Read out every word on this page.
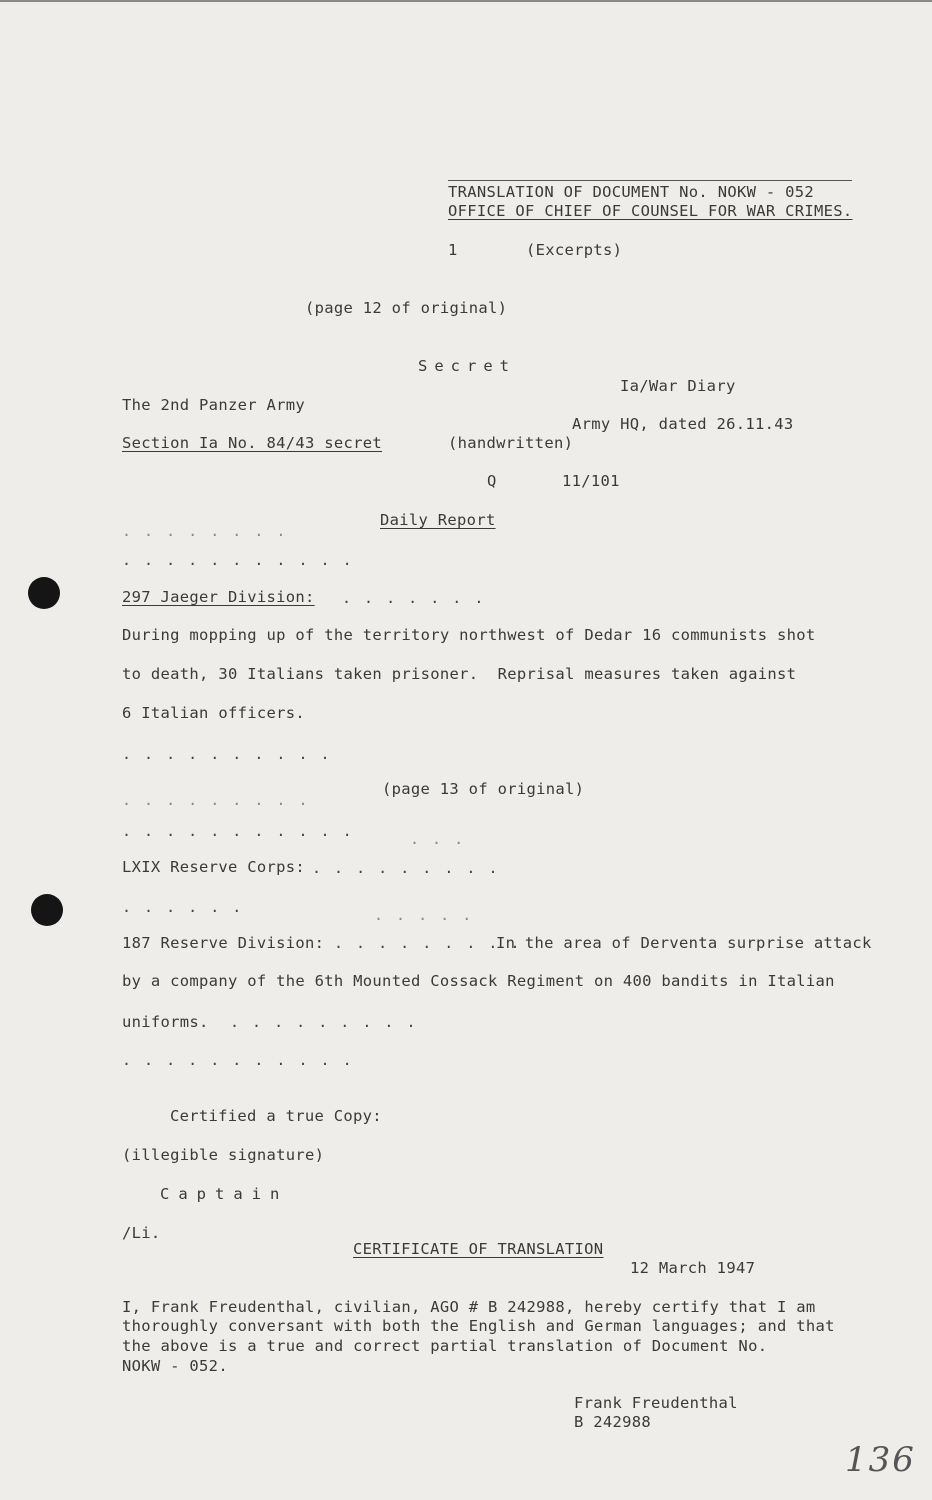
TRANSLATION OF DOCUMENT No. NOKW - 052
OFFICE OF CHIEF OF COUNSEL FOR WAR CRIMES.
1	(Excerpts)
(page 12 of original)
Secret
Ia/War Diary
The 2nd Panzer Army
Army HQ, dated 26.11.43
Section Ia No. 84/43 secret	(handwritten)
Q	11/101
Daily Report
. . . . . . . .
. . . . . . . . . . .
297 Jaeger Division: . . . . . . .
During mopping up of the territory northwest of Dedar 16 communists shot
to death, 30 Italians taken prisoner.  Reprisal measures taken against
6 Italian officers.
. . . . . . . . . .
(page 13 of original)
. . . . . . . . .
. . . . . . . . . . .	. . .
LXIX Reserve Corps: . . . . . . . . .
. . . . . .	. . . . .
187 Reserve Division: . . . . . . . . .
In the area of Derventa surprise attack
by a company of the 6th Mounted Cossack Regiment on 400 bandits in Italian
uniforms. . . . . . . . . .
. . . . . . . . . . .
Certified a true Copy:
(illegible signature)
Captain
/Li.
CERTIFICATE OF TRANSLATION
12 March 1947
I, Frank Freudenthal, civilian, AGO # B 242988, hereby certify that I am
thoroughly conversant with both the English and German languages; and that
the above is a true and correct partial translation of Document No.
NOKW - 052.
Frank Freudenthal
B 242988
136
